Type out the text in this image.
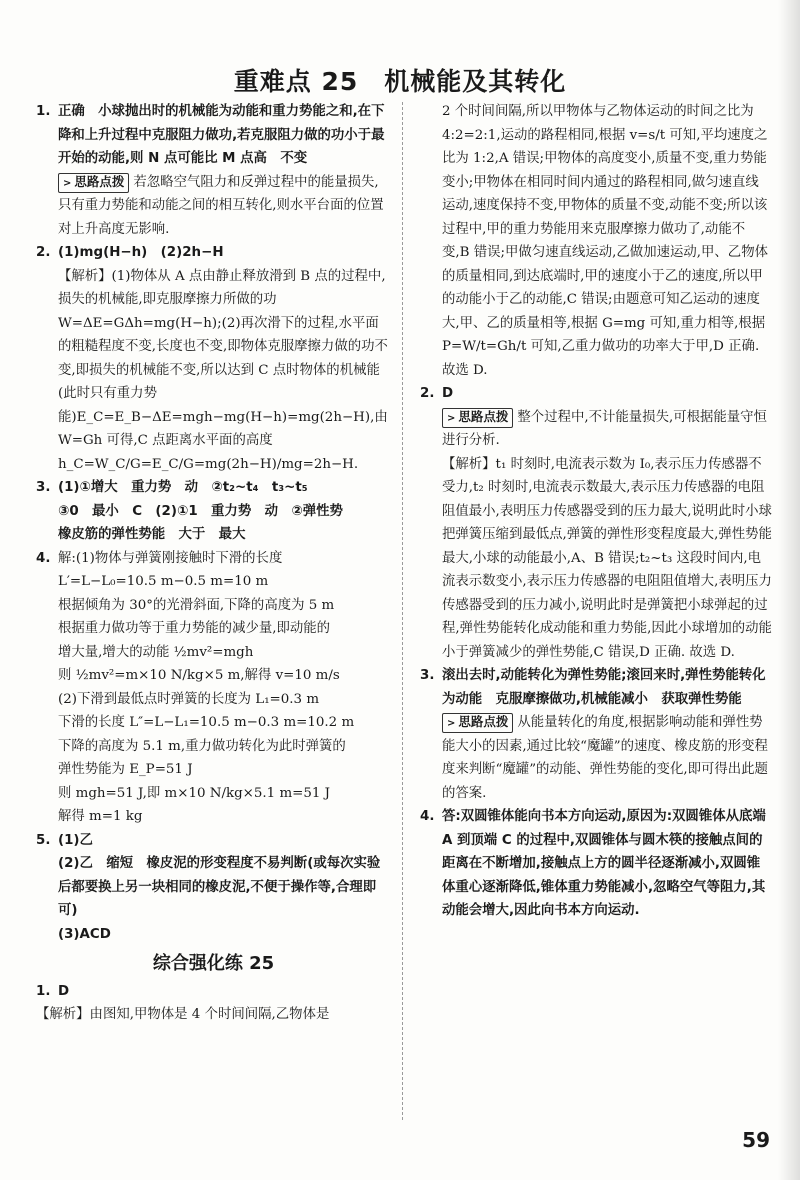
重难点 25　机械能及其转化
1. 正确　小球抛出时的机械能为动能和重力势能之和,在下降和上升过程中克服阻力做功,若克服阻力做的功小于最开始的动能,则 N 点可能比 M 点高　不变
> 思路点拨 若忽略空气阻力和反弹过程中的能量损失,只有重力势能和动能之间的相互转化,则水平台面的位置对上升高度无影响.
2. (1)mg(H−h)　(2)2h−H
【解析】(1)物体从 A 点由静止释放滑到 B 点的过程中,损失的机械能,即克服摩擦力所做的功 W=ΔE=GΔh=mg(H−h);(2)再次滑下的过程,水平面的粗糙程度不变,长度也不变,即物体克服摩擦力做的功不变,即损失的机械能不变,所以达到 C 点时物体的机械能(此时只有重力势能)E_C=E_B−ΔE=mgh−mg(H−h)=mg(2h−H),由 W=Gh 可得,C 点距离水平面的高度 h_C=W_C/G=E_C/G=mg(2h−H)/mg=2h−H.
3. (1)①增大　重力势　动　②t₂~t₄　t₃~t₅
③0　最小　C　(2)①1　重力势　动　②弹性势
橡皮筋的弹性势能　大于　最大
4. 解:(1)物体与弹簧刚接触时下滑的长度
L′=L−L₀=10.5 m−0.5 m=10 m
根据倾角为 30°的光滑斜面,下降的高度为 5 m
根据重力做功等于重力势能的减少量,即动能的
增大量,增大的动能 ½mv²=mgh
则 ½mv²=m×10 N/kg×5 m,解得 v=10 m/s
(2)下滑到最低点时弹簧的长度为 L₁=0.3 m
下滑的长度 L″=L−L₁=10.5 m−0.3 m=10.2 m
下降的高度为 5.1 m,重力做功转化为此时弹簧的
弹性势能为 E_P=51 J
则 mgh=51 J,即 m×10 N/kg×5.1 m=51 J
解得 m=1 kg
5. (1)乙
(2)乙　缩短　橡皮泥的形变程度不易判断(或每次实验后都要换上另一块相同的橡皮泥,不便于操作等,合理即可)
(3)ACD
综合强化练 25
1. D
【解析】由图知,甲物体是 4 个时间间隔,乙物体是
2 个时间间隔,所以甲物体与乙物体运动的时间之比为 4:2=2:1,运动的路程相同,根据 v=s/t 可知,平均速度之比为 1:2,A 错误;甲物体的高度变小,质量不变,重力势能变小;甲物体在相同时间内通过的路程相同,做匀速直线运动,速度保持不变,甲物体的质量不变,动能不变;所以该过程中,甲的重力势能用来克服摩擦力做功了,动能不变,B 错误;甲做匀速直线运动,乙做加速运动,甲、乙物体的质量相同,到达底端时,甲的速度小于乙的速度,所以甲的动能小于乙的动能,C 错误;由题意可知乙运动的速度大,甲、乙的质量相等,根据 G=mg 可知,重力相等,根据 P=W/t=Gh/t 可知,乙重力做功的功率大于甲,D 正确. 故选 D.
2. D
> 思路点拨 整个过程中,不计能量损失,可根据能量守恒进行分析.
【解析】t₁ 时刻时,电流表示数为 I₀,表示压力传感器不受力,t₂ 时刻时,电流表示数最大,表示压力传感器的电阻阻值最小,表明压力传感器受到的压力最大,说明此时小球把弹簧压缩到最低点,弹簧的弹性形变程度最大,弹性势能最大,小球的动能最小,A、B 错误;t₂~t₃ 这段时间内,电流表示数变小,表示压力传感器的电阻阻值增大,表明压力传感器受到的压力减小,说明此时是弹簧把小球弹起的过程,弹性势能转化成动能和重力势能,因此小球增加的动能小于弹簧减少的弹性势能,C 错误,D 正确. 故选 D.
3. 滚出去时,动能转化为弹性势能;滚回来时,弹性势能转化为动能　克服摩擦做功,机械能减小　获取弹性势能
> 思路点拨 从能量转化的角度,根据影响动能和弹性势能大小的因素,通过比较“魔罐”的速度、橡皮筋的形变程度来判断“魔罐”的动能、弹性势能的变化,即可得出此题的答案.
4. 答:双圆锥体能向书本方向运动,原因为:双圆锥体从底端 A 到顶端 C 的过程中,双圆锥体与圆木筷的接触点间的距离在不断增加,接触点上方的圆半径逐渐减小,双圆锥体重心逐渐降低,锥体重力势能减小,忽略空气等阻力,其动能会增大,因此向书本方向运动.
59
